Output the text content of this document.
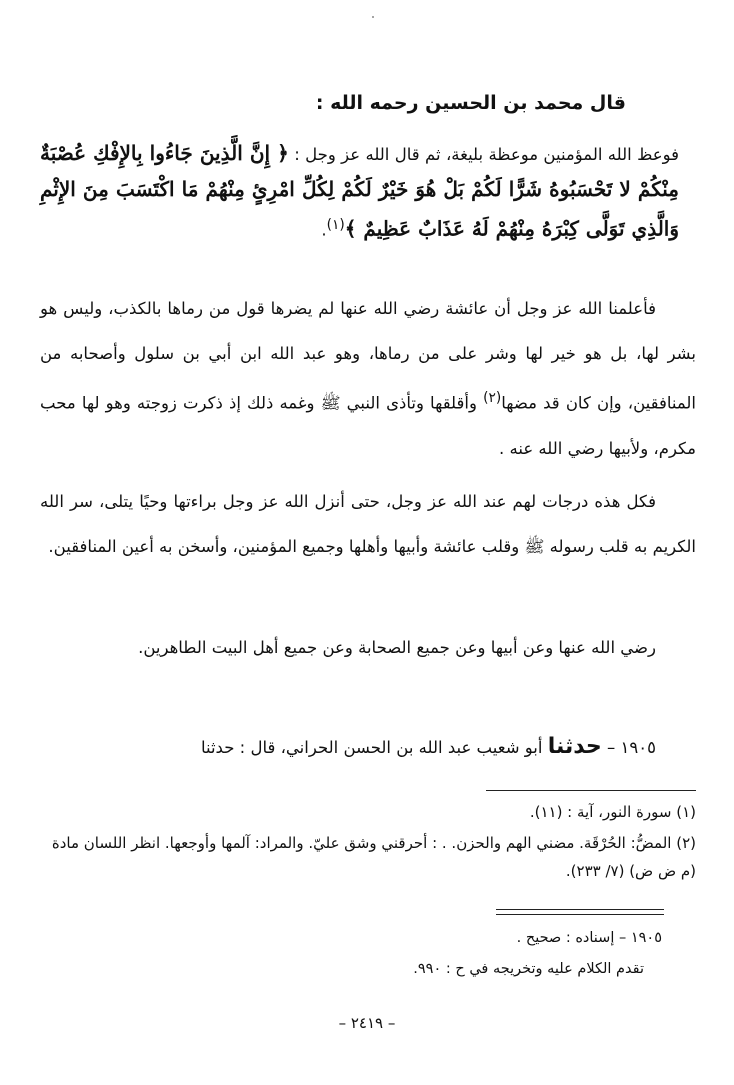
قال محمد بن الحسين رحمه الله :

فوعظ الله المؤمنين موعظة بليغة، ثم قال الله عز وجل : ﴿ إِنَّ الَّذِينَ جَاءُوا بِالإِفْكِ عُصْبَةٌ مِنْكُمْ لا تَحْسَبُوهُ شَرًّا لَكُمْ بَلْ هُوَ خَيْرٌ لَكُمْ لِكُلِّ امْرِئٍ مِنْهُمْ مَا اكْتَسَبَ مِنَ الإِثْمِ وَالَّذِي تَوَلَّى كِبْرَهُ مِنْهُمْ لَهُ عَذَابٌ عَظِيمٌ ﴾$^{(١)}$.

فأعلمنا الله عز وجل أن عائشة رضي الله عنها لم يضرها قول من رماها بالكذب، وليس هو بشر لها، بل هو خير لها وشر على من رماها، وهو عبد الله ابن أبي بن سلول وأصحابه من المنافقين، وإن كان قد مضها$^{(٢)}$ وأقلقها وتأذى النبي ﷺ وغمه ذلك إذ ذكرت زوجته وهو لها محب مكرم، ولأبيها رضي الله عنه .

فكل هذه درجات لهم عند الله عز وجل، حتى أنزل الله عز وجل براءتها وحيًا يتلى، سر الله الكريم به قلب رسوله ﷺ وقلب عائشة وأبيها وأهلها وجميع المؤمنين، وأسخن به أعين المنافقين.

رضي الله عنها وعن أبيها وعن جميع الصحابة وعن جميع أهل البيت الطاهرين.

١٩٠٥ – حدثنا أبو شعيب عبد الله بن الحسن الحراني، قال : حدثنا

(١) سورة النور، آية : (١١).

(٢) المضُّ: الحُرْقَة. مضني الهم والحزن. . : أحرقني وشق عليّ. والمراد: آلمها وأوجعها. انظر اللسان مادة (م ض ض) (٧/ ٢٣٣).

١٩٠٥ – إسناده : صحيح .

تقدم الكلام عليه وتخريجه في ح : ٩٩٠.

– ٢٤١٩ –
